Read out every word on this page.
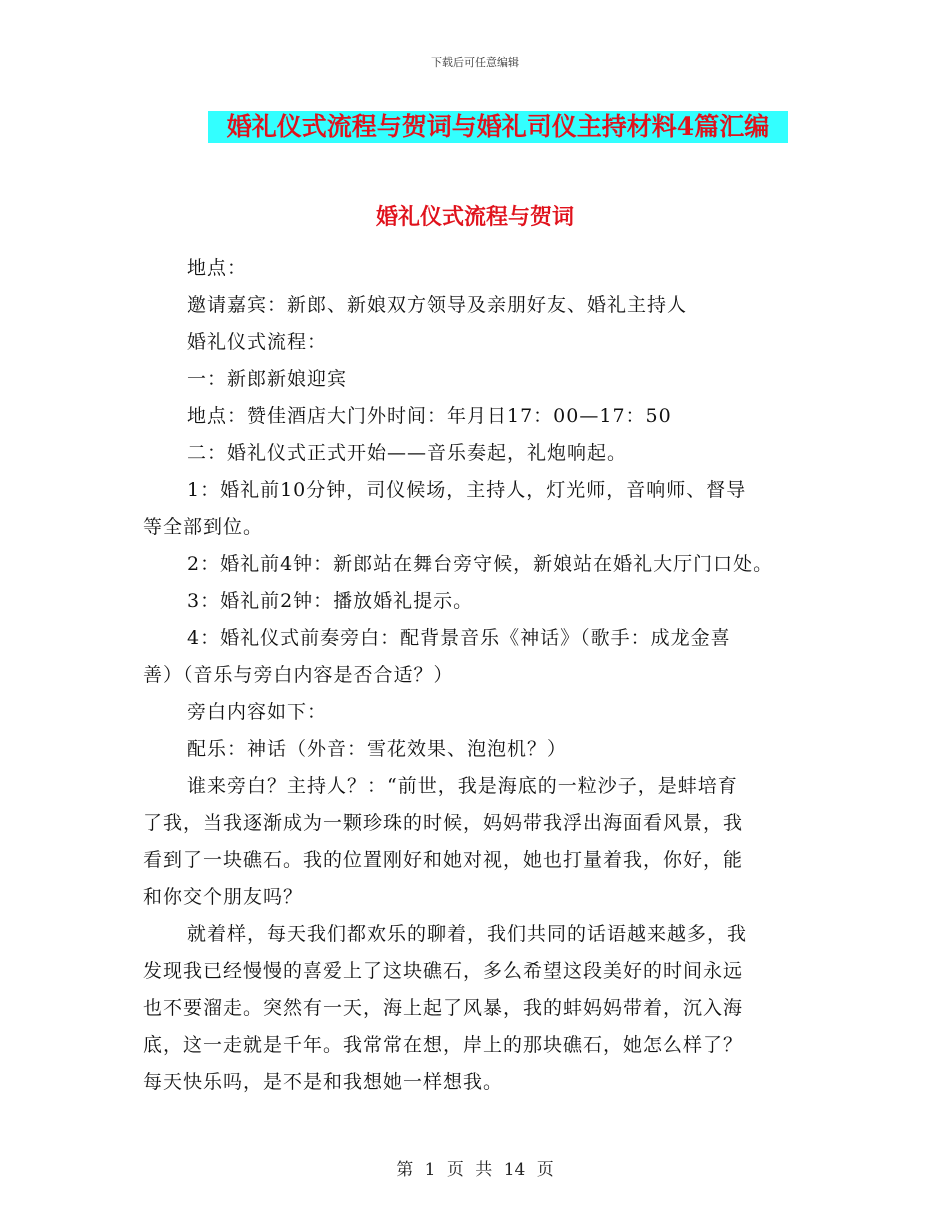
下载后可任意编辑
婚礼仪式流程与贺词与婚礼司仪主持材料4篇汇编
婚礼仪式流程与贺词
地点：
邀请嘉宾：新郎、新娘双方领导及亲朋好友、婚礼主持人
婚礼仪式流程：
一：新郎新娘迎宾
地点：赞佳酒店大门外时间：年月日17：00—17：50
二：婚礼仪式正式开始——音乐奏起，礼炮响起。
1：婚礼前10分钟，司仪候场，主持人，灯光师，音响师、督导
等全部到位。
2：婚礼前4钟：新郎站在舞台旁守候，新娘站在婚礼大厅门口处。
3：婚礼前2钟：播放婚礼提示。
4：婚礼仪式前奏旁白：配背景音乐《神话》（歌手：成龙金喜
善）（音乐与旁白内容是否合适？）
旁白内容如下：
配乐：神话（外音：雪花效果、泡泡机？）
谁来旁白？主持人？：“前世，我是海底的一粒沙子，是蚌培育
了我，当我逐渐成为一颗珍珠的时候，妈妈带我浮出海面看风景，我
看到了一块礁石。我的位置刚好和她对视，她也打量着我，你好，能
和你交个朋友吗？
就着样，每天我们都欢乐的聊着，我们共同的话语越来越多，我
发现我已经慢慢的喜爱上了这块礁石，多么希望这段美好的时间永远
也不要溜走。突然有一天，海上起了风暴，我的蚌妈妈带着，沉入海
底，这一走就是千年。我常常在想，岸上的那块礁石，她怎么样了？
每天快乐吗，是不是和我想她一样想我。
第 1 页 共 14 页
